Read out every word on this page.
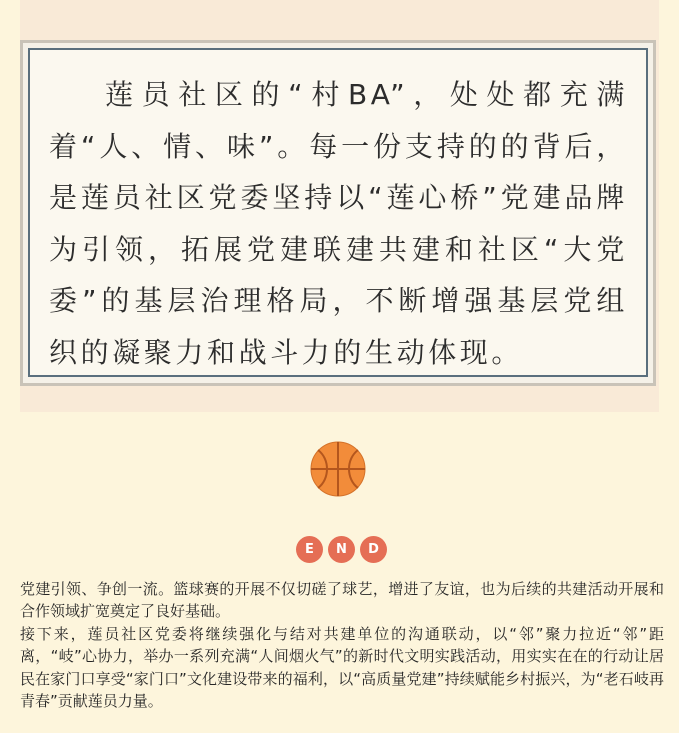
莲员社区的“村BA”，处处都充满着“人、情、味”。每一份支持的的背后，是莲员社区党委坚持以“莲心桥”党建品牌为引领，拓展党建联建共建和社区“大党委”的基层治理格局，不断增强基层党组织的凝聚力和战斗力的生动体现。

E	N	D

党建引领、争创一流。篮球赛的开展不仅切磋了球艺，增进了友谊，也为后续的共建活动开展和合作领域扩宽奠定了良好基础。

接下来，莲员社区党委将继续强化与结对共建单位的沟通联动，以“邻”聚力拉近“邻”距离，“岐”心协力，举办一系列充满“人间烟火气”的新时代文明实践活动，用实实在在的行动让居民在家门口享受“家门口”文化建设带来的福利，以“高质量党建”持续赋能乡村振兴，为“老石岐再青春”贡献莲员力量。
